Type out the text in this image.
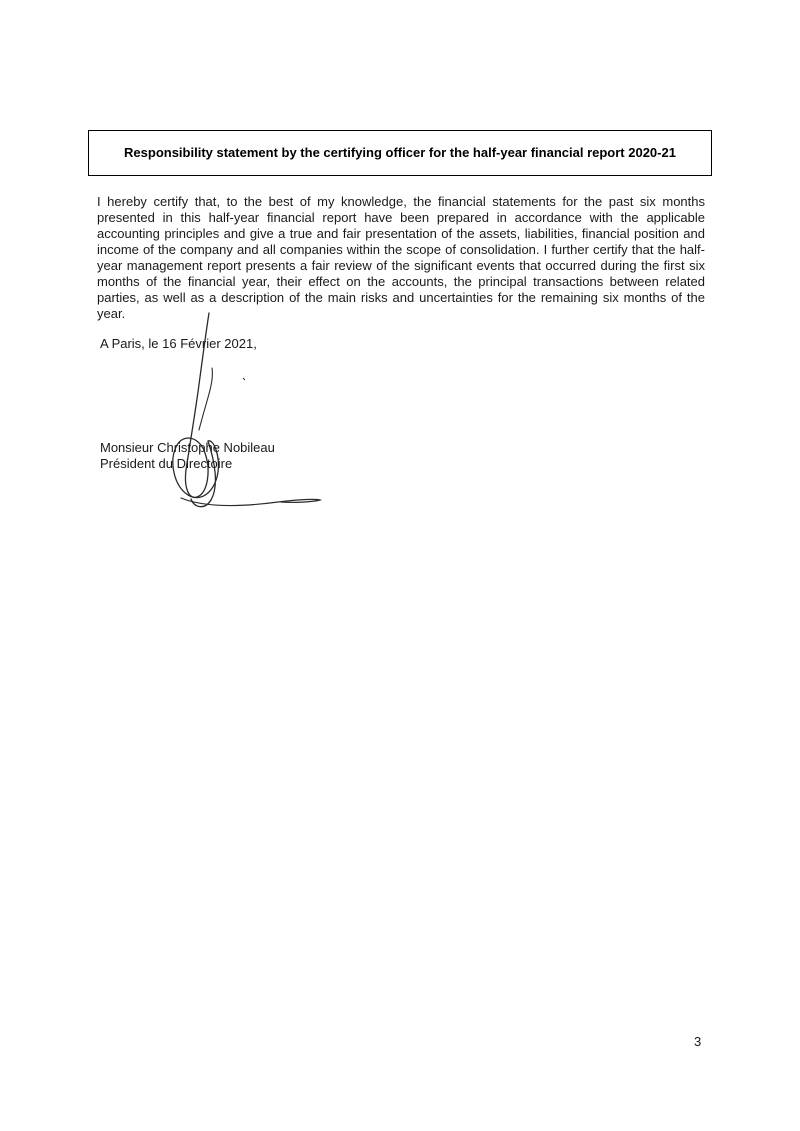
Responsibility statement by the certifying officer for the half-year financial report 2020-21
I hereby certify that, to the best of my knowledge, the financial statements for the past six months presented in this half-year financial report have been prepared in accordance with the applicable accounting principles and give a true and fair presentation of the assets, liabilities, financial position and income of the company and all companies within the scope of consolidation. I further certify that the half-year management report presents a fair review of the significant events that occurred during the first six months of the financial year, their effect on the accounts, the principal transactions between related parties, as well as a description of the main risks and uncertainties for the remaining six months of the year.
A Paris, le 16 Février 2021,
Monsieur Christophe Nobileau
Président du Directoire
3
